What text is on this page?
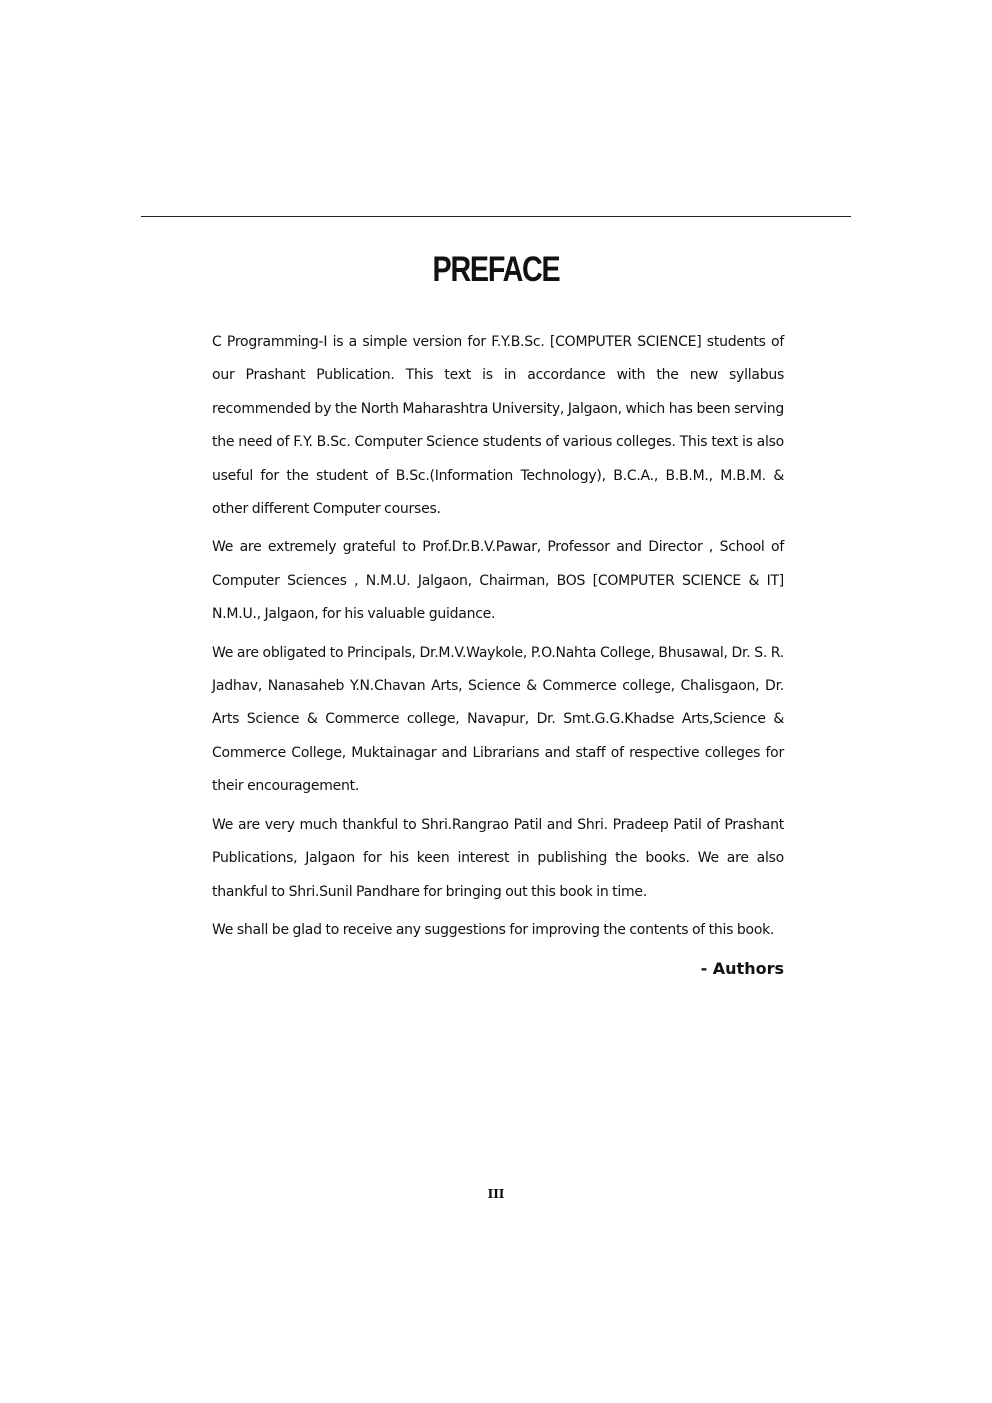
PREFACE

C Programming-I is a simple version for F.Y.B.Sc. [COMPUTER SCIENCE] students of our Prashant Publication. This text is in accordance with the new syllabus recommended by the North Maharashtra University, Jalgaon, which has been serving the need of F.Y. B.Sc. Computer Science students of various colleges. This text is also useful for the student of B.Sc.(Information Technology), B.C.A., B.B.M., M.B.M. & other different Computer courses.

We are extremely grateful to Prof.Dr.B.V.Pawar, Professor and Director , School of Computer Sciences , N.M.U. Jalgaon, Chairman, BOS [COMPUTER SCIENCE & IT] N.M.U., Jalgaon, for his valuable guidance.

We are obligated to Principals, Dr.M.V.Waykole, P.O.Nahta College, Bhusawal, Dr. S. R. Jadhav, Nanasaheb Y.N.Chavan Arts, Science & Commerce college, Chalisgaon, Dr. Arts Science & Commerce college, Navapur, Dr. Smt.G.G.Khadse Arts,Science & Commerce College, Muktainagar and Librarians and staff of respective colleges for their encouragement.

We are very much thankful to Shri.Rangrao Patil and Shri. Pradeep Patil of Prashant Publications, Jalgaon for his keen interest in publishing the books. We are also thankful to Shri.Sunil Pandhare for bringing out this book in time.

We shall be glad to receive any suggestions for improving the contents of this book.

- Authors
III
